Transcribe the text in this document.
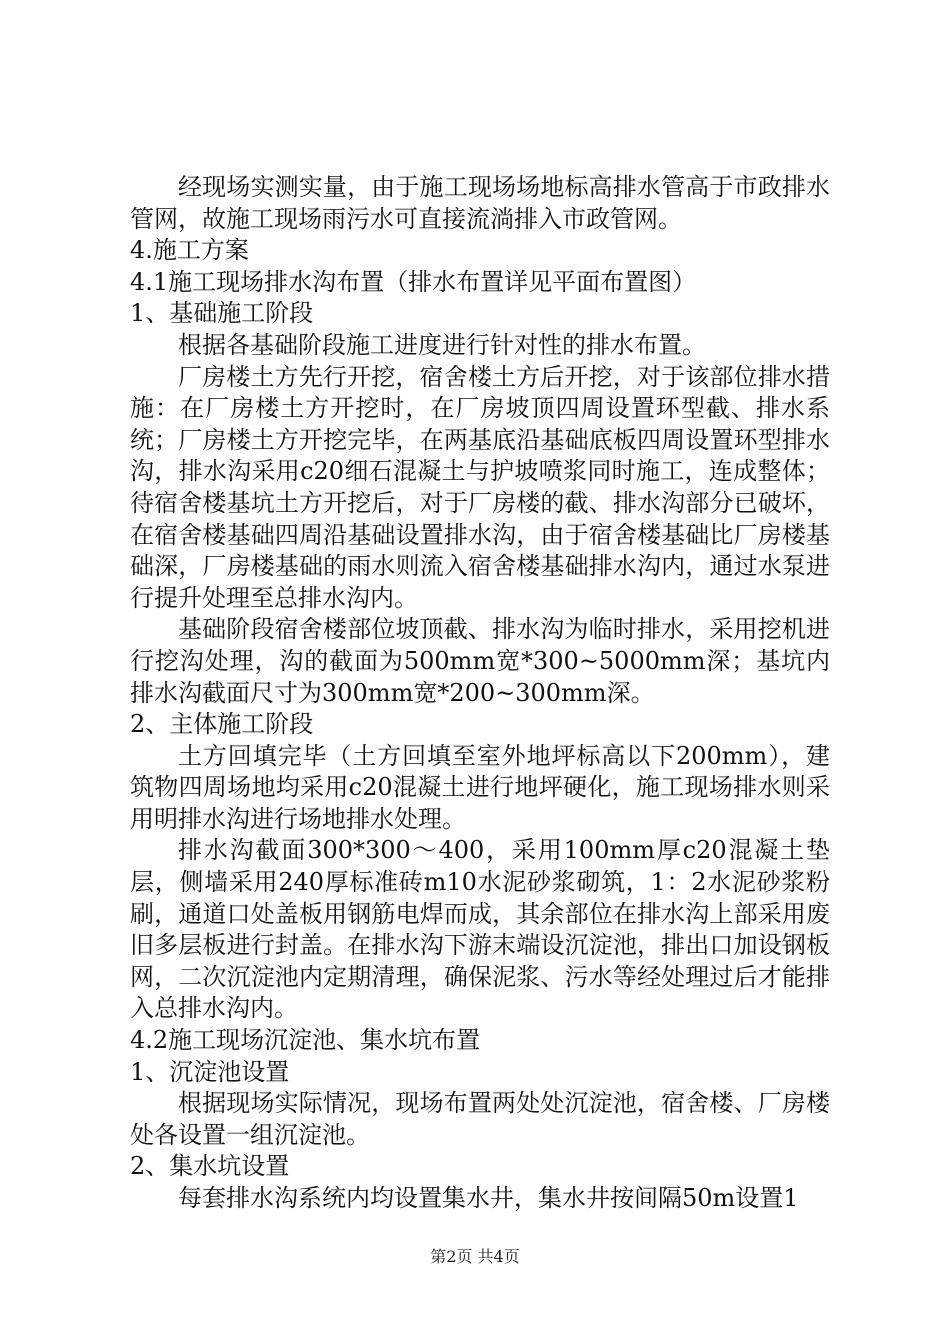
经现场实测实量，由于施工现场场地标高排水管高于市政排水管网，故施工现场雨污水可直接流淌排入市政管网。

4.施工方案

4.1施工现场排水沟布置（排水布置详见平面布置图）

1、基础施工阶段

根据各基础阶段施工进度进行针对性的排水布置。

厂房楼土方先行开挖，宿舍楼土方后开挖，对于该部位排水措施：在厂房楼土方开挖时，在厂房坡顶四周设置环型截、排水系统；厂房楼土方开挖完毕，在两基底沿基础底板四周设置环型排水沟，排水沟采用c20细石混凝土与护坡喷浆同时施工，连成整体；待宿舍楼基坑土方开挖后，对于厂房楼的截、排水沟部分已破坏，在宿舍楼基础四周沿基础设置排水沟，由于宿舍楼基础比厂房楼基础深，厂房楼基础的雨水则流入宿舍楼基础排水沟内，通过水泵进行提升处理至总排水沟内。

基础阶段宿舍楼部位坡顶截、排水沟为临时排水，采用挖机进行挖沟处理，沟的截面为500mm宽*300~5000mm深；基坑内排水沟截面尺寸为300mm宽*200~300mm深。

2、主体施工阶段

土方回填完毕（土方回填至室外地坪标高以下200mm），建筑物四周场地均采用c20混凝土进行地坪硬化，施工现场排水则采用明排水沟进行场地排水处理。

排水沟截面300*300～400，采用100mm厚c20混凝土垫层，侧墙采用240厚标准砖m10水泥砂浆砌筑，1：2水泥砂浆粉刷，通道口处盖板用钢筋电焊而成，其余部位在排水沟上部采用废旧多层板进行封盖。在排水沟下游末端设沉淀池，排出口加设钢板网，二次沉淀池内定期清理，确保泥浆、污水等经处理过后才能排入总排水沟内。

4.2施工现场沉淀池、集水坑布置

1、沉淀池设置

根据现场实际情况，现场布置两处处沉淀池，宿舍楼、厂房楼处各设置一组沉淀池。

2、集水坑设置

每套排水沟系统内均设置集水井，集水井按间隔50m设置1

第2页 共4页
